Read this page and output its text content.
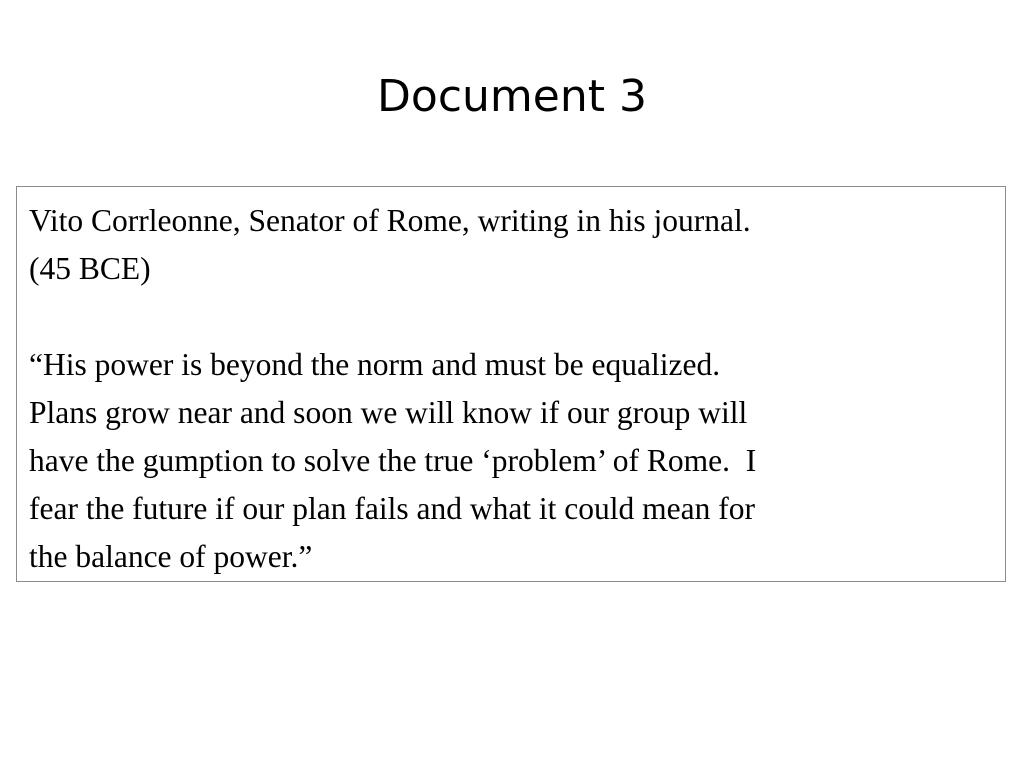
Document 3

Vito Corrleonne, Senator of Rome, writing in his journal.
(45 BCE)

“His power is beyond the norm and must be equalized.
Plans grow near and soon we will know if our group will
have the gumption to solve the true ‘problem’ of Rome.  I
fear the future if our plan fails and what it could mean for
the balance of power.”
